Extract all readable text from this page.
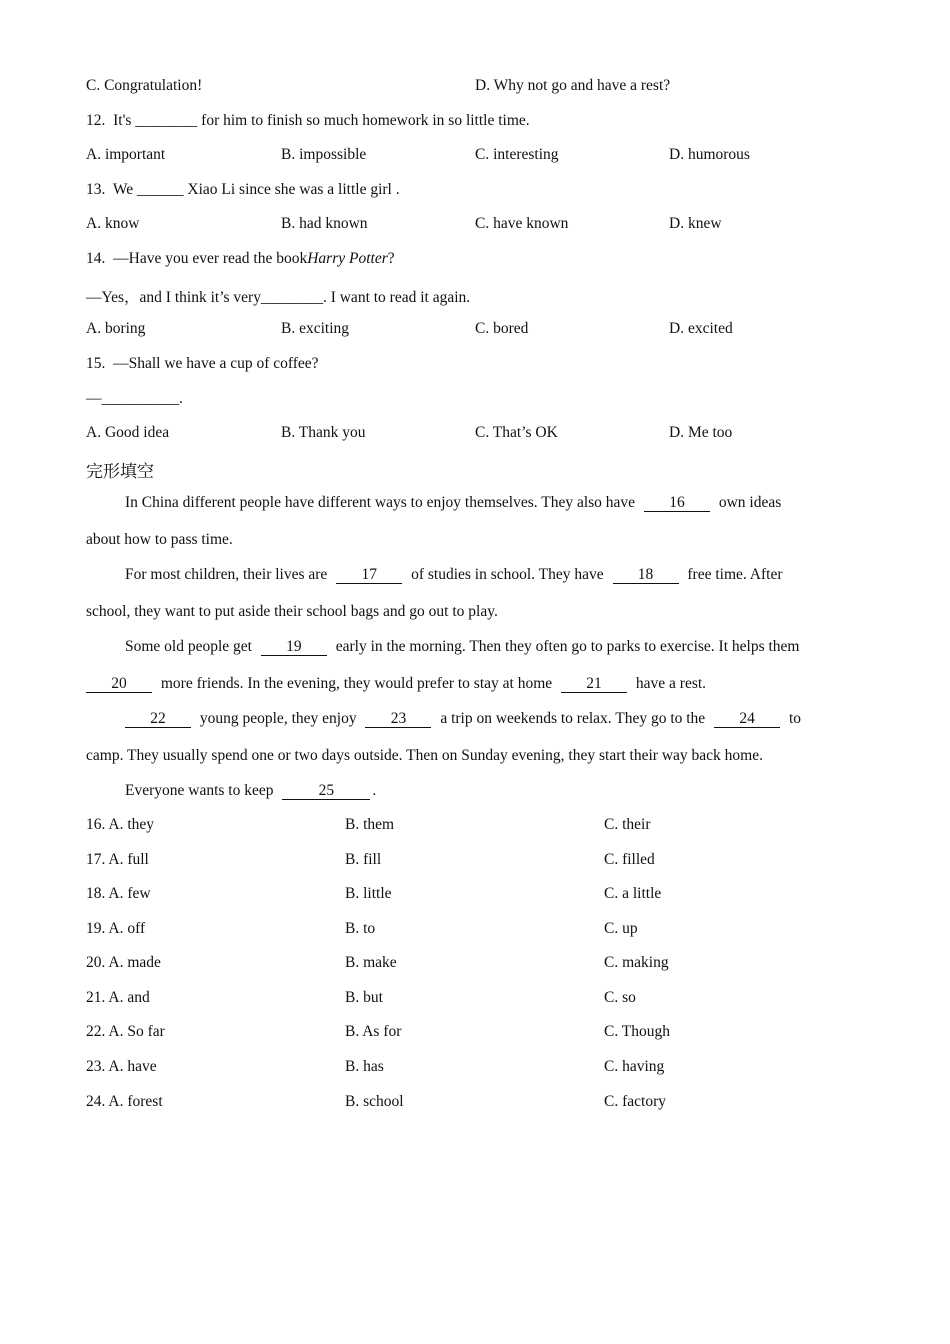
C. Congratulation!	D. Why not go and have a rest?
12. It's ________ for him to finish so much homework in so little time.
A. important	B. impossible	C. interesting	D. humorous
13. We ______ Xiao Li since she was a little girl .
A. know	B. had known	C. have known	D. knew
14. —Have you ever read the bookHarry Potter?
—Yes，and I think it’s very________. I want to read it again.
A. boring	B. exciting	C. bored	D. excited
15. —Shall we have a cup of coffee?
—__________.
A. Good idea	B. Thank you	C. That’s OK	D. Me too
完形填空
In China different people have different ways to enjoy themselves. They also have 16 own ideas
about how to pass time.
For most children, their lives are 17 of studies in school. They have 18 free time. After
school, they want to put aside their school bags and go out to play.
Some old people get 19 early in the morning. Then they often go to parks to exercise. It helps them
20 more friends. In the evening, they would prefer to stay at home 21 have a rest.
22 young people, they enjoy 23 a trip on weekends to relax. They go to the 24 to
camp. They usually spend one or two days outside. Then on Sunday evening, they start their way back home.
Everyone wants to keep	25 .
16. A. they	B. them	C. their
17. A. full	B. fill	C. filled
18. A. few	B. little	C. a little
19. A. off	B. to	C. up
20. A. made	B. make	C. making
21. A. and	B. but	C. so
22. A. So far	B. As for	C. Though
23. A. have	B. has	C. having
24. A. forest	B. school	C. factory
